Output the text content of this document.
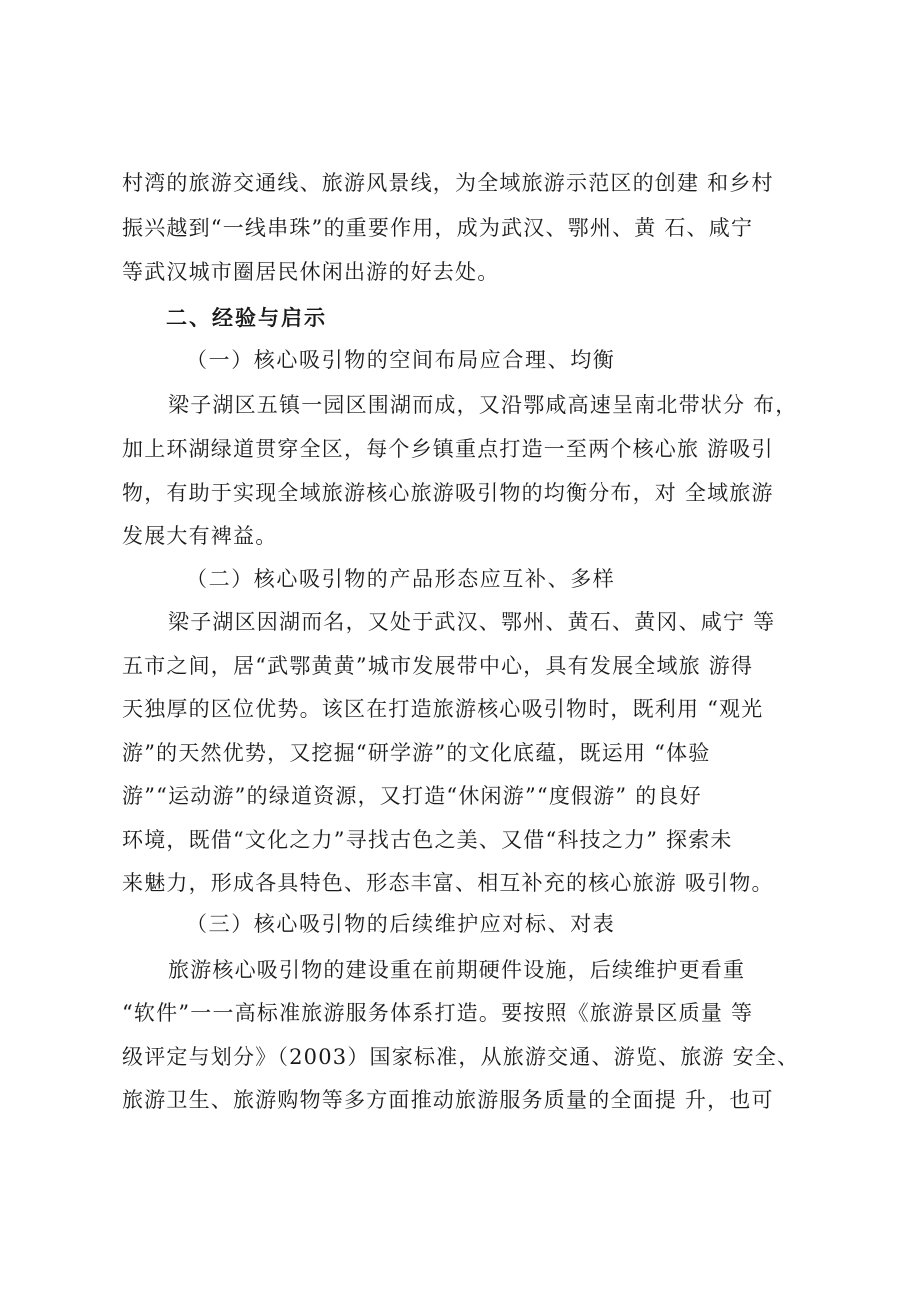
村湾的旅游交通线、旅游风景线，为全域旅游示范区的创建 和乡村
振兴越到“一线串珠”的重要作用，成为武汉、鄂州、黄 石、咸宁
等武汉城市圈居民休闲出游的好去处。
二、经验与启示
（一）核心吸引物的空间布局应合理、均衡
梁子湖区五镇一园区围湖而成，又沿鄂咸高速呈南北带状分 布，
加上环湖绿道贯穿全区，每个乡镇重点打造一至两个核心旅 游吸引
物，有助于实现全域旅游核心旅游吸引物的均衡分布，对 全域旅游
发展大有裨益。
（二）核心吸引物的产品形态应互补、多样
梁子湖区因湖而名，又处于武汉、鄂州、黄石、黄冈、咸宁 等
五市之间，居“武鄂黄黄”城市发展带中心，具有发展全域旅 游得
天独厚的区位优势。该区在打造旅游核心吸引物时，既利用 “观光
游”的天然优势，又挖掘“研学游”的文化底蕴，既运用 “体验
游”“运动游”的绿道资源，又打造“休闲游”“度假游” 的良好
环境，既借“文化之力”寻找古色之美、又借“科技之力” 探索未
来魅力，形成各具特色、形态丰富、相互补充的核心旅游 吸引物。
（三）核心吸引物的后续维护应对标、对表
旅游核心吸引物的建设重在前期硬件设施，后续维护更看重
“软件”一一高标准旅游服务体系打造。要按照《旅游景区质量 等
级评定与划分》（2003）国家标准，从旅游交通、游览、旅游 安全、
旅游卫生、旅游购物等多方面推动旅游服务质量的全面提 升，也可
